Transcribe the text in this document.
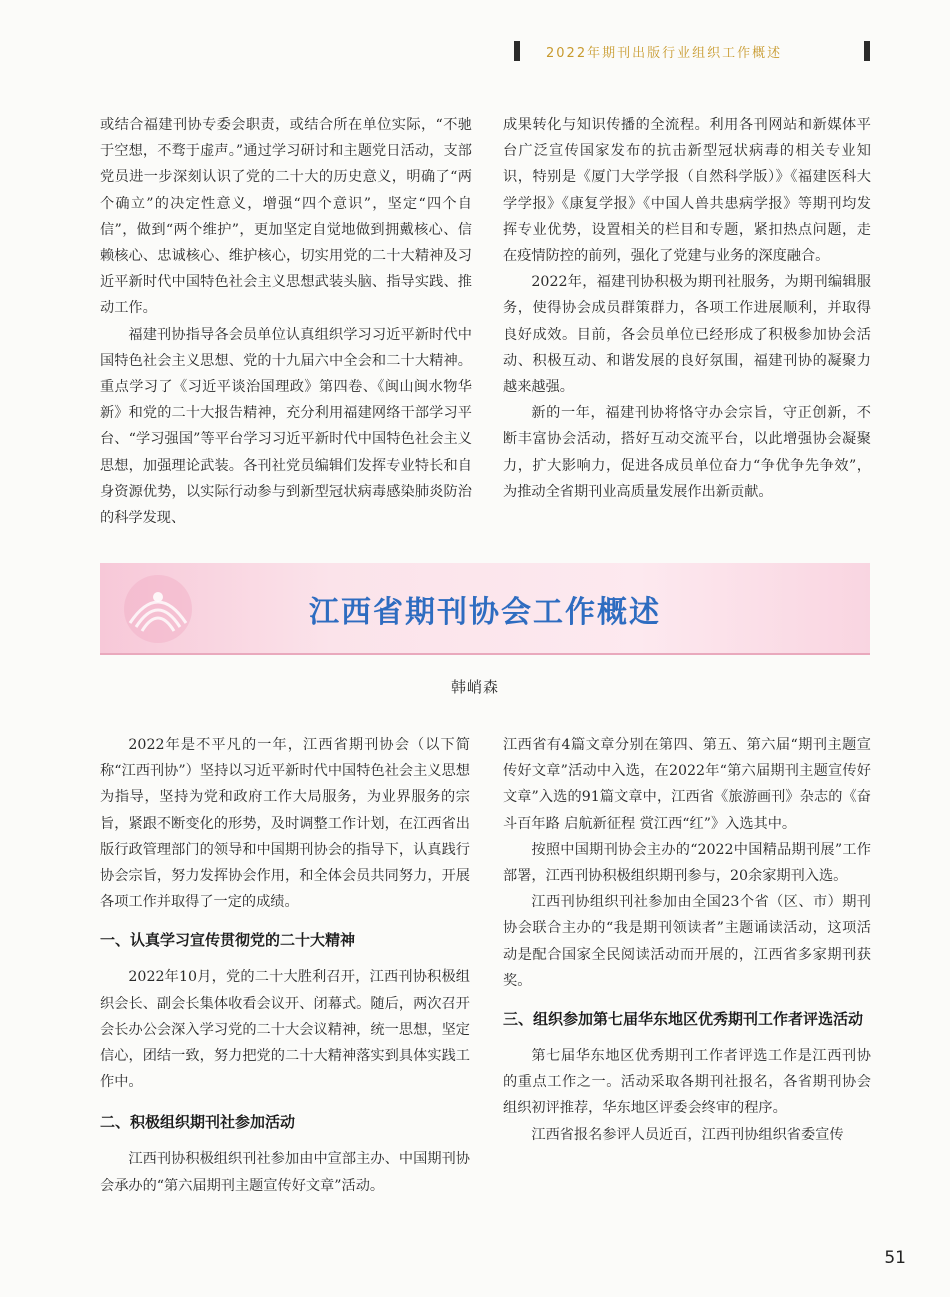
2022年期刊出版行业组织工作概述

或结合福建刊协专委会职责，或结合所在单位实际，“不驰于空想，不骛于虚声。”通过学习研讨和主题党日活动，支部党员进一步深刻认识了党的二十大的历史意义，明确了“两个确立”的决定性意义，增强“四个意识”，坚定“四个自信”，做到“两个维护”，更加坚定自觉地做到拥戴核心、信赖核心、忠诚核心、维护核心，切实用党的二十大精神及习近平新时代中国特色社会主义思想武装头脑、指导实践、推动工作。

福建刊协指导各会员单位认真组织学习习近平新时代中国特色社会主义思想、党的十九届六中全会和二十大精神。重点学习了《习近平谈治国理政》第四卷、《闽山闽水物华新》和党的二十大报告精神，充分利用福建网络干部学习平台、“学习强国”等平台学习习近平新时代中国特色社会主义思想，加强理论武装。各刊社党员编辑们发挥专业特长和自身资源优势，以实际行动参与到新型冠状病毒感染肺炎防治的科学发现、

成果转化与知识传播的全流程。利用各刊网站和新媒体平台广泛宣传国家发布的抗击新型冠状病毒的相关专业知识，特别是《厦门大学学报（自然科学版）》《福建医科大学学报》《康复学报》《中国人兽共患病学报》等期刊均发挥专业优势，设置相关的栏目和专题，紧扣热点问题，走在疫情防控的前列，强化了党建与业务的深度融合。

2022年，福建刊协积极为期刊社服务，为期刊编辑服务，使得协会成员群策群力，各项工作进展顺利，并取得良好成效。目前，各会员单位已经形成了积极参加协会活动、积极互动、和谐发展的良好氛围，福建刊协的凝聚力越来越强。

新的一年，福建刊协将恪守办会宗旨，守正创新，不断丰富协会活动，搭好互动交流平台，以此增强协会凝聚力，扩大影响力，促进各成员单位奋力“争优争先争效”，为推动全省期刊业高质量发展作出新贡献。

江西省期刊协会工作概述
韩峭森

2022年是不平凡的一年，江西省期刊协会（以下简称“江西刊协”）坚持以习近平新时代中国特色社会主义思想为指导，坚持为党和政府工作大局服务，为业界服务的宗旨，紧跟不断变化的形势，及时调整工作计划，在江西省出版行政管理部门的领导和中国期刊协会的指导下，认真践行协会宗旨，努力发挥协会作用，和全体会员共同努力，开展各项工作并取得了一定的成绩。

一、认真学习宣传贯彻党的二十大精神

2022年10月，党的二十大胜利召开，江西刊协积极组织会长、副会长集体收看会议开、闭幕式。随后，两次召开会长办公会深入学习党的二十大会议精神，统一思想，坚定信心，团结一致，努力把党的二十大精神落实到具体实践工作中。

二、积极组织期刊社参加活动

江西刊协积极组织刊社参加由中宣部主办、中国期刊协会承办的“第六届期刊主题宣传好文章”活动。

江西省有4篇文章分别在第四、第五、第六届“期刊主题宣传好文章”活动中入选，在2022年“第六届期刊主题宣传好文章”入选的91篇文章中，江西省《旅游画刊》杂志的《奋斗百年路 启航新征程 赏江西“红”》入选其中。

按照中国期刊协会主办的“2022中国精品期刊展”工作部署，江西刊协积极组织期刊参与，20余家期刊入选。

江西刊协组织刊社参加由全国23个省（区、市）期刊协会联合主办的“我是期刊领读者”主题诵读活动，这项活动是配合国家全民阅读活动而开展的，江西省多家期刊获奖。

三、组织参加第七届华东地区优秀期刊工作者评选活动

第七届华东地区优秀期刊工作者评选工作是江西刊协的重点工作之一。活动采取各期刊社报名，各省期刊协会组织初评推荐，华东地区评委会终审的程序。

江西省报名参评人员近百，江西刊协组织省委宣传

51
